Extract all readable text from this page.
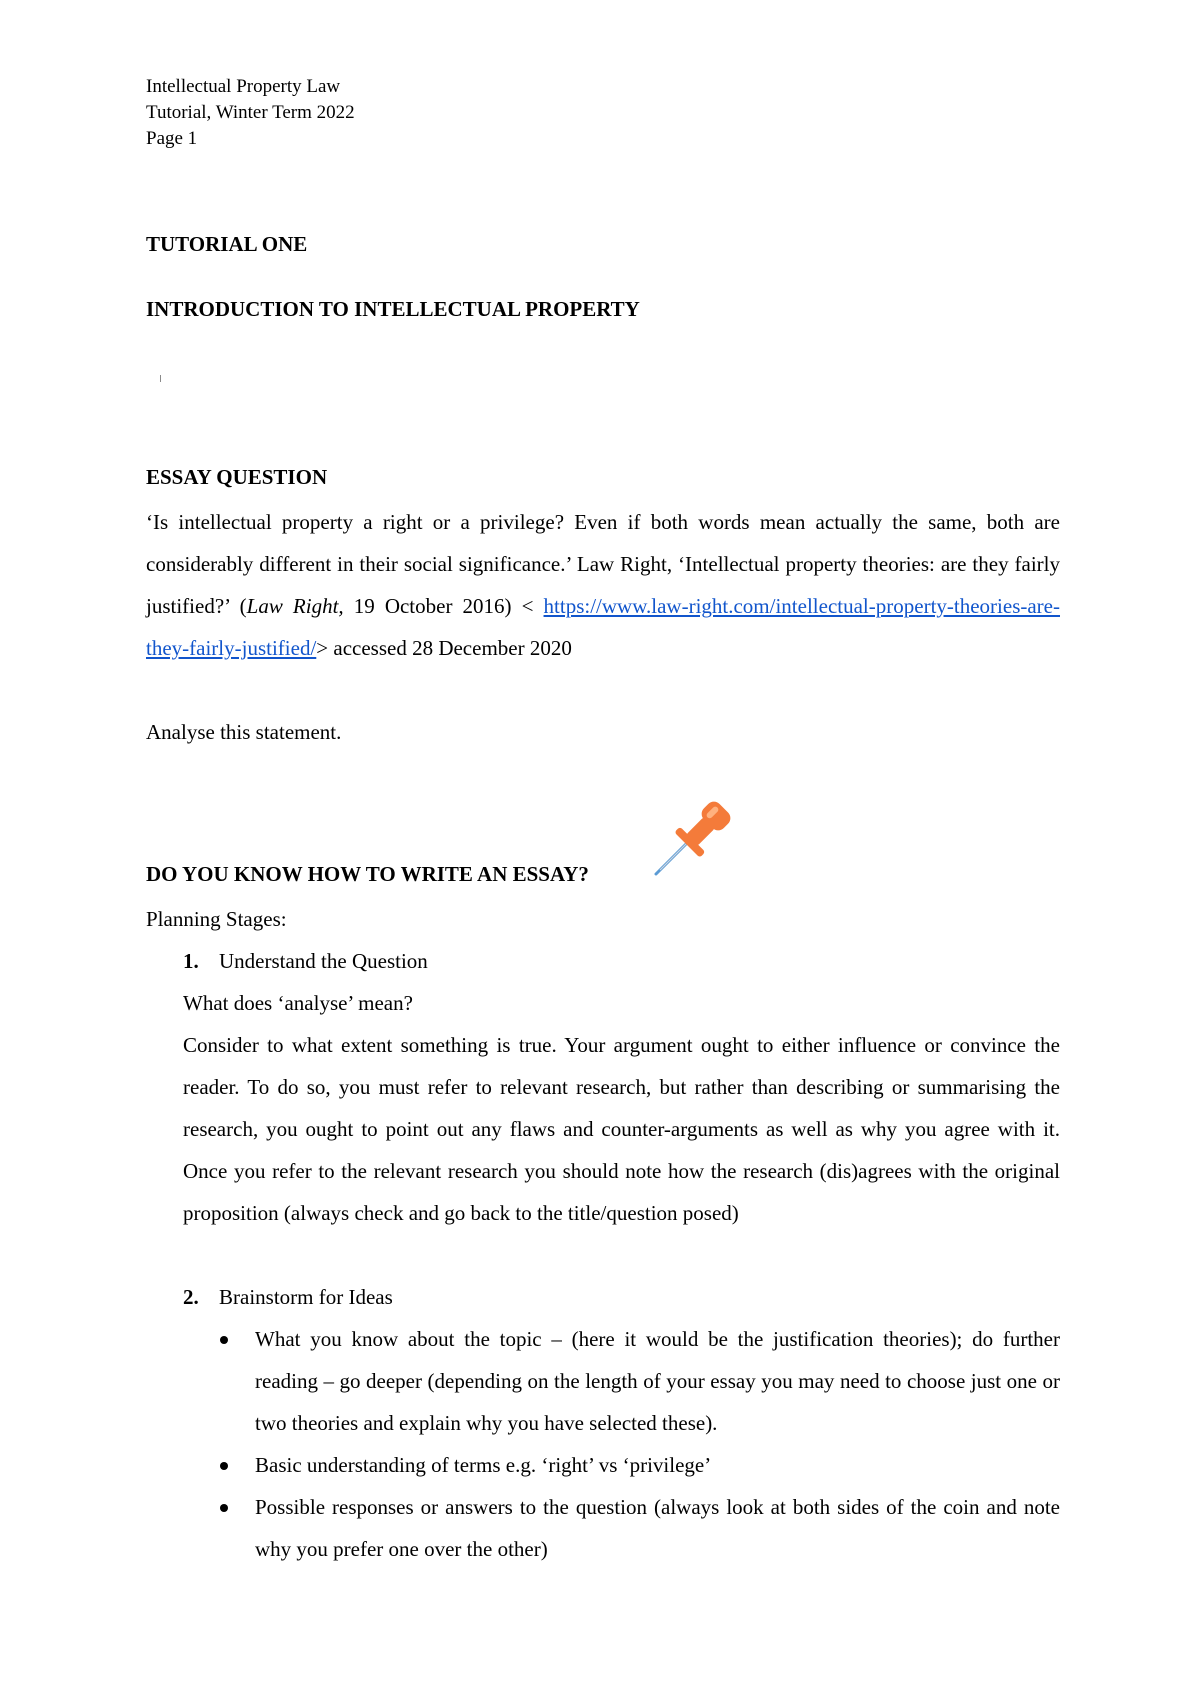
Intellectual Property Law
Tutorial, Winter Term 2022
Page 1
TUTORIAL ONE
INTRODUCTION TO INTELLECTUAL PROPERTY
ESSAY QUESTION
‘Is intellectual property a right or a privilege? Even if both words mean actually the same, both are considerably different in their social significance.’ Law Right, ‘Intellectual property theories: are they fairly justified?’ (Law Right, 19 October 2016) < https://www.law-right.com/intellectual-property-theories-are-they-fairly-justified/> accessed 28 December 2020
Analyse this statement.
DO YOU KNOW HOW TO WRITE AN ESSAY?
Planning Stages:
1. Understand the Question
What does ‘analyse’ mean?
Consider to what extent something is true. Your argument ought to either influence or convince the reader. To do so, you must refer to relevant research, but rather than describing or summarising the research, you ought to point out any flaws and counter-arguments as well as why you agree with it. Once you refer to the relevant research you should note how the research (dis)agrees with the original proposition (always check and go back to the title/question posed)
2. Brainstorm for Ideas
What you know about the topic – (here it would be the justification theories); do further reading – go deeper (depending on the length of your essay you may need to choose just one or two theories and explain why you have selected these).
Basic understanding of terms e.g. ‘right’ vs ‘privilege’
Possible responses or answers to the question (always look at both sides of the coin and note why you prefer one over the other)
